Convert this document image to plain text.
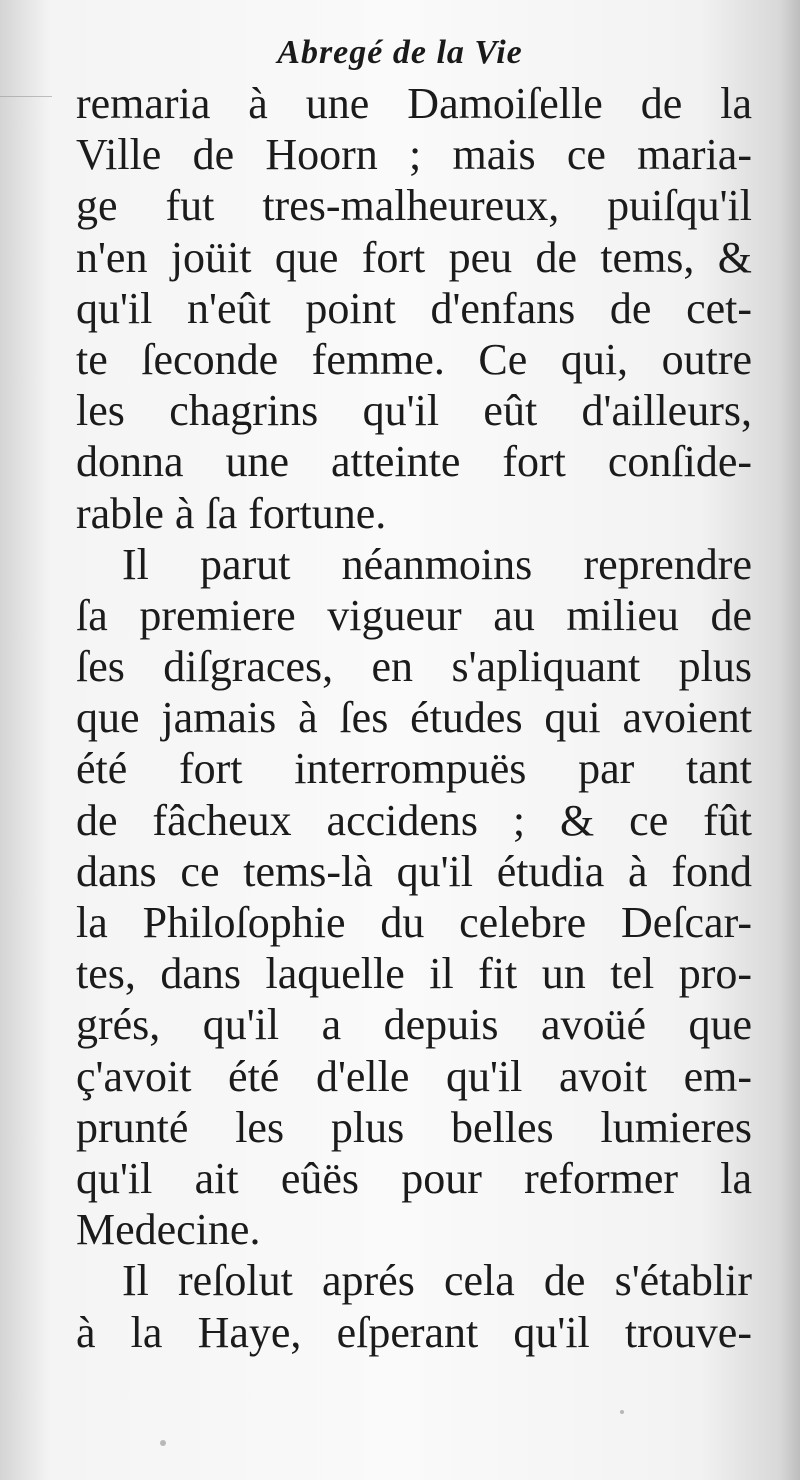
Abregé de la Vie
remaria à une Damoiſelle de la
Ville de Hoorn ; mais ce maria-
ge fut tres-malheureux, puiſqu'il
n'en joüit que fort peu de tems, &
qu'il n'eût point d'enfans de cet-
te ſeconde femme. Ce qui, outre
les chagrins qu'il eût d'ailleurs,
donna une atteinte fort conſide-
rable à ſa fortune.
Il parut néanmoins reprendre
ſa premiere vigueur au milieu de
ſes diſgraces, en s'apliquant plus
que jamais à ſes études qui avoient
été fort interrompuës par tant
de fâcheux accidens ; & ce fût
dans ce tems-là qu'il étudia à fond
la Philoſophie du celebre Deſcar-
tes, dans laquelle il fit un tel pro-
grés, qu'il a depuis avoüé que
ç'avoit été d'elle qu'il avoit em-
prunté les plus belles lumieres
qu'il ait eûës pour reformer la
Medecine.
Il reſolut aprés cela de s'établir
à la Haye, eſperant qu'il trouve-
